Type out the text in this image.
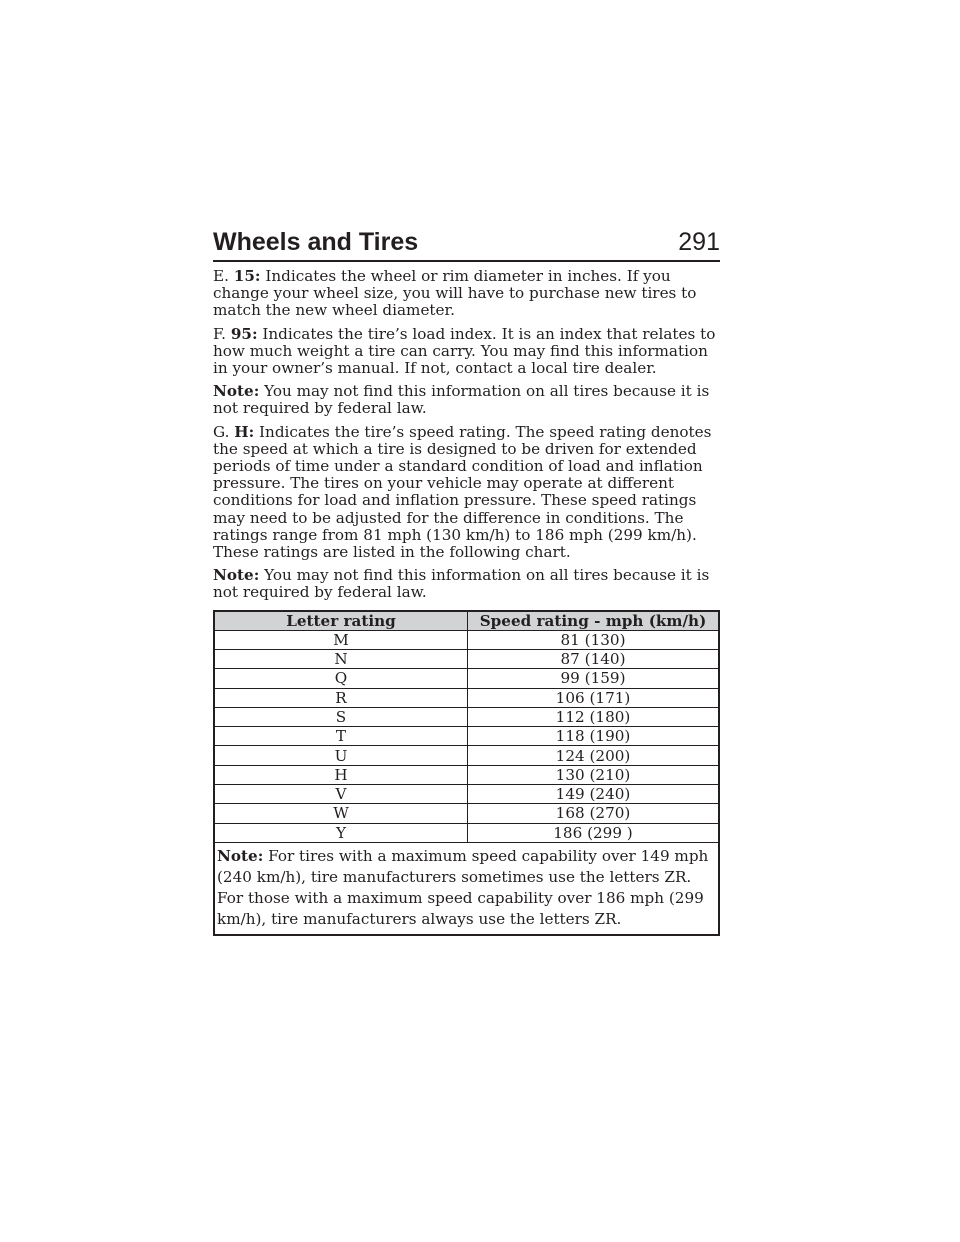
Wheels and Tires	291

E. 15: Indicates the wheel or rim diameter in inches. If you change your wheel size, you will have to purchase new tires to match the new wheel diameter.

F. 95: Indicates the tire’s load index. It is an index that relates to how much weight a tire can carry. You may find this information in your owner’s manual. If not, contact a local tire dealer.

Note: You may not find this information on all tires because it is not required by federal law.

G. H: Indicates the tire’s speed rating. The speed rating denotes the speed at which a tire is designed to be driven for extended periods of time under a standard condition of load and inflation pressure. The tires on your vehicle may operate at different conditions for load and inflation pressure. These speed ratings may need to be adjusted for the difference in conditions. The ratings range from 81 mph (130 km/h) to 186 mph (299 km/h). These ratings are listed in the following chart.

Note: You may not find this information on all tires because it is not required by federal law.

Letter rating	Speed rating - mph (km/h)
M	81 (130)
N	87 (140)
Q	99 (159)
R	106 (171)
S	112 (180)
T	118 (190)
U	124 (200)
H	130 (210)
V	149 (240)
W	168 (270)
Y	186 (299 )
Note: For tires with a maximum speed capability over 149 mph (240 km/h), tire manufacturers sometimes use the letters ZR. For those with a maximum speed capability over 186 mph (299 km/h), tire manufacturers always use the letters ZR.	
